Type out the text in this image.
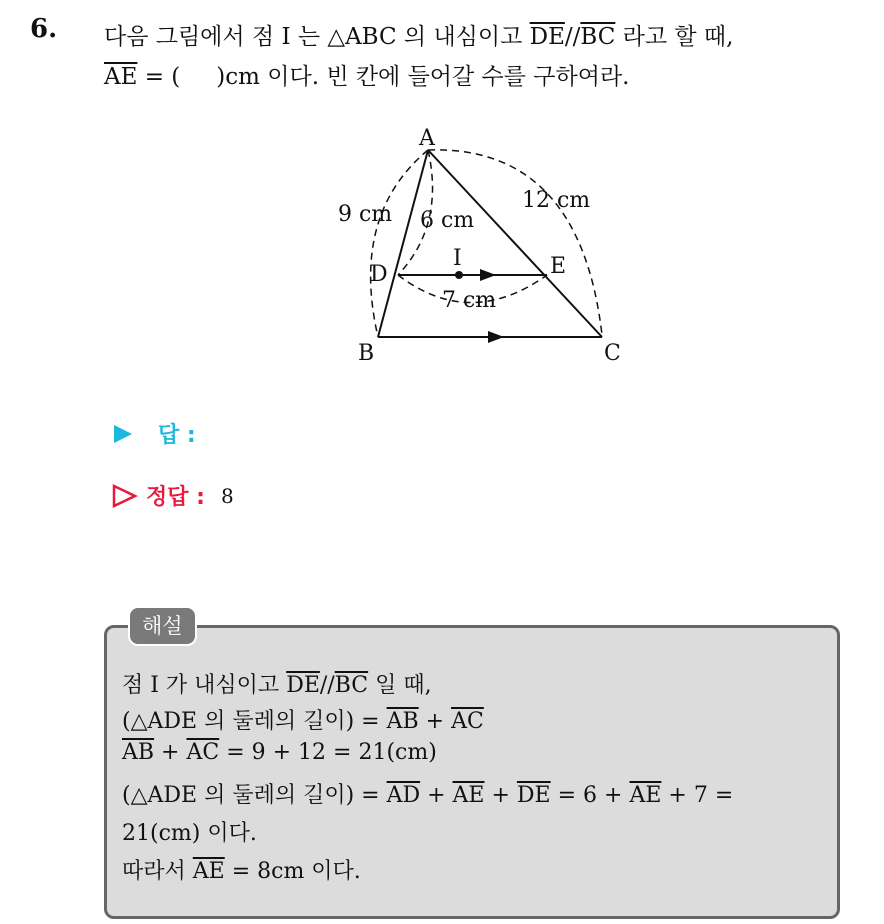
6. 다음 그림에서 점 I 는 △ABC 의 내심이고 $\overline{DE}//\overline{BC}$ 라고 할 때,
$\overline{AE}$ = ( )cm 이다. 빈 칸에 들어갈 수를 구하여라.
A
B	C
D	E
I
9 cm 6 cm
12 cm
7 cm
답 :
정답 : 8
해설
점 I 가 내심이고 $\overline{DE}//\overline{BC}$ 일 때,
(△ADE 의 둘레의 길이) = $\overline{AB} + \overline{AC}$
$\overline{AB} + \overline{AC} = 9 + 12 = 21(cm)$
(△ADE 의 둘레의 길이) = $\overline{AD} + \overline{AE} + \overline{DE} = 6 + \overline{AE} + 7$ =
21(cm) 이다.
따라서 $\overline{AE} = 8cm$ 이다.
